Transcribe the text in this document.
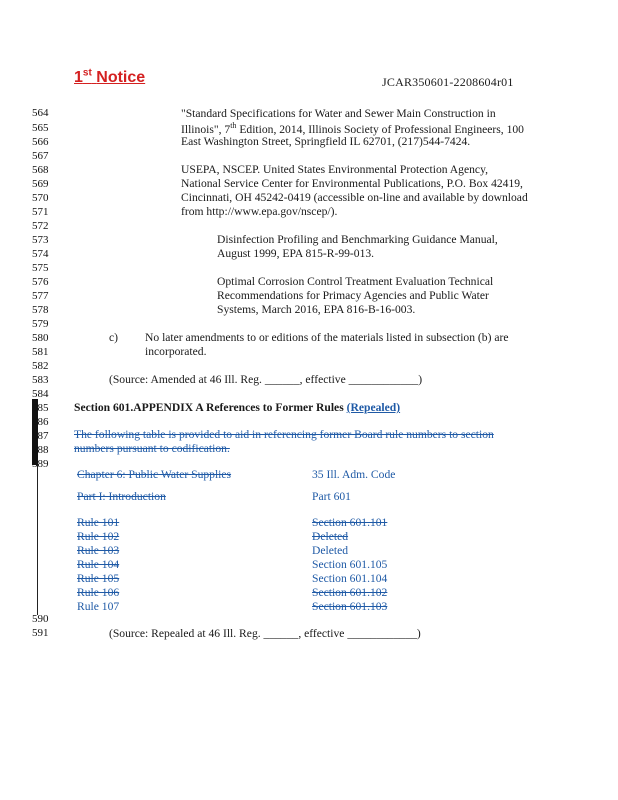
1st Notice	JCAR350601-2208604r01
564
565
566
567
568
569
570
571
572
573
574
575
576
577
578
579
580
581
582
583
584
585
586
587
588
589
590
591
"Standard Specifications for Water and Sewer Main Construction in
Illinois", 7th Edition, 2014, Illinois Society of Professional Engineers, 100
East Washington Street, Springfield IL 62701, (217)544-7424.
USEPA, NSCEP. United States Environmental Protection Agency,
National Service Center for Environmental Publications, P.O. Box 42419,
Cincinnati, OH 45242-0419 (accessible on-line and available by download
from http://www.epa.gov/nscep/).
Disinfection Profiling and Benchmarking Guidance Manual,
August 1999, EPA 815-R-99-013.
Optimal Corrosion Control Treatment Evaluation Technical
Recommendations for Primacy Agencies and Public Water
Systems, March 2016, EPA 816-B-16-003.
c) No later amendments to or editions of the materials listed in subsection (b) are
incorporated.
(Source: Amended at 46 Ill. Reg. ______, effective ____________)
Section 601.APPENDIX A References to Former Rules (Repealed)
The following table is provided to aid in referencing former Board rule numbers to section
numbers pursuant to codification.
Chapter 6: Public Water Supplies	35 Ill. Adm. Code
Part I: Introduction	Part 601
Rule 101	Section 601.101
Rule 102	Deleted
Rule 103	Deleted
Rule 104	Section 601.105
Rule 105	Section 601.104
Rule 106	Section 601.102
Rule 107	Section 601.103
(Source: Repealed at 46 Ill. Reg. ______, effective ____________)
